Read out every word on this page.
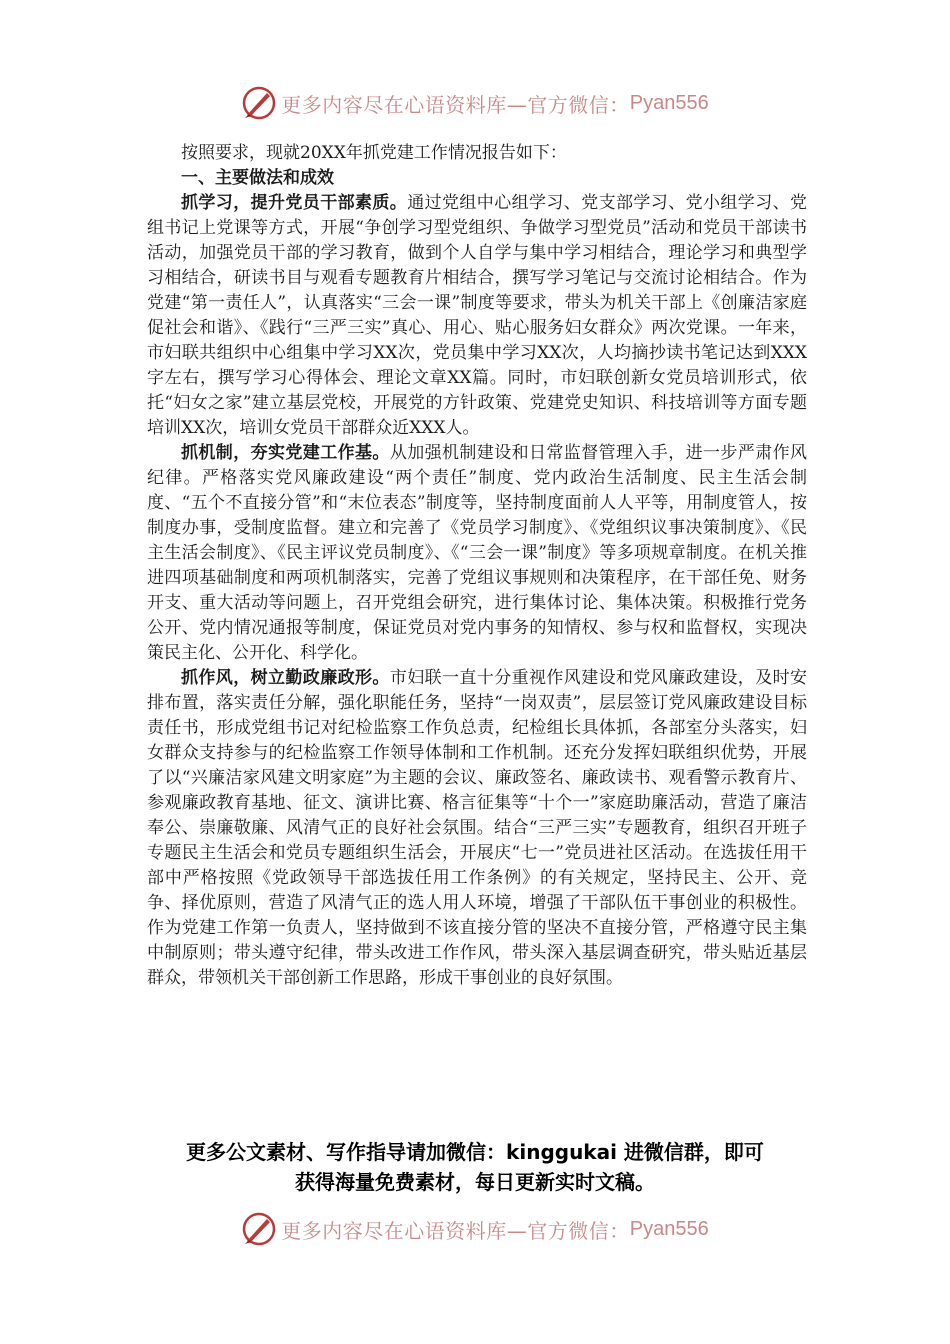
更多内容尽在心语资料库—官方微信： Pyan556

按照要求，现就20XX年抓党建工作情况报告如下：

一、主要做法和成效

抓学习，提升党员干部素质。通过党组中心组学习、党支部学习、党小组学习、党组书记上党课等方式，开展“争创学习型党组织、争做学习型党员”活动和党员干部读书活动，加强党员干部的学习教育，做到个人自学与集中学习相结合，理论学习和典型学习相结合，研读书目与观看专题教育片相结合，撰写学习笔记与交流讨论相结合。作为党建“第一责任人”，认真落实“三会一课”制度等要求，带头为机关干部上《创廉洁家庭促社会和谐》、《践行“三严三实”真心、用心、贴心服务妇女群众》两次党课。一年来，市妇联共组织中心组集中学习XX次，党员集中学习XX次，人均摘抄读书笔记达到XXX字左右，撰写学习心得体会、理论文章XX篇。同时，市妇联创新女党员培训形式，依托“妇女之家”建立基层党校，开展党的方针政策、党建党史知识、科技培训等方面专题培训XX次，培训女党员干部群众近XXX人。

抓机制，夯实党建工作基。从加强机制建设和日常监督管理入手，进一步严肃作风纪律。严格落实党风廉政建设“两个责任”制度、党内政治生活制度、民主生活会制度、“五个不直接分管”和“末位表态”制度等，坚持制度面前人人平等，用制度管人，按制度办事，受制度监督。建立和完善了《党员学习制度》、《党组织议事决策制度》、《民主生活会制度》、《民主评议党员制度》、《“三会一课”制度》等多项规章制度。在机关推进四项基础制度和两项机制落实，完善了党组议事规则和决策程序，在干部任免、财务开支、重大活动等问题上，召开党组会研究，进行集体讨论、集体决策。积极推行党务公开、党内情况通报等制度，保证党员对党内事务的知情权、参与权和监督权，实现决策民主化、公开化、科学化。

抓作风，树立勤政廉政形。市妇联一直十分重视作风建设和党风廉政建设，及时安排布置，落实责任分解，强化职能任务，坚持“一岗双责”，层层签订党风廉政建设目标责任书，形成党组书记对纪检监察工作负总责，纪检组长具体抓，各部室分头落实，妇女群众支持参与的纪检监察工作领导体制和工作机制。还充分发挥妇联组织优势，开展了以“兴廉洁家风建文明家庭”为主题的会议、廉政签名、廉政读书、观看警示教育片、参观廉政教育基地、征文、演讲比赛、格言征集等“十个一”家庭助廉活动，营造了廉洁奉公、崇廉敬廉、风清气正的良好社会氛围。结合“三严三实”专题教育，组织召开班子专题民主生活会和党员专题组织生活会，开展庆“七一”党员进社区活动。在选拔任用干部中严格按照《党政领导干部选拔任用工作条例》的有关规定，坚持民主、公开、竞争、择优原则，营造了风清气正的选人用人环境，增强了干部队伍干事创业的积极性。作为党建工作第一负责人，坚持做到不该直接分管的坚决不直接分管，严格遵守民主集中制原则；带头遵守纪律，带头改进工作作风，带头深入基层调查研究，带头贴近基层群众，带领机关干部创新工作思路，形成干事创业的良好氛围。

更多公文素材、写作指导请加微信：kinggukai 进微信群，即可
获得海量免费素材，每日更新实时文稿。
更多内容尽在心语资料库—官方微信： Pyan556
